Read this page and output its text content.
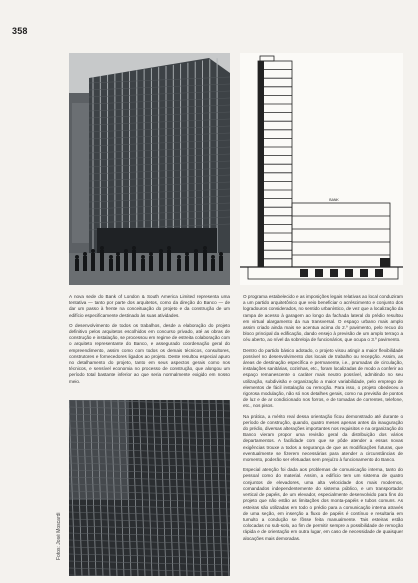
358
BANK

A nova sede do Bank of London & South America Limited representa uma tentativa — tanto por parte dos arquitetos, como da direção do Banco — de dar um passo à frente na conceituação do projeto e da construção de um edifício especificamente destinado às suas atividades.

O desenvolvimento de todos os trabalhos, desde a elaboração do projeto definitivo pelos arquitetos escolhidos em concurso privado, até as obras de construção e instalação, se processou em regime de estreita colaboração com o arquiteto representante do Banco, e assegurado coordenação geral do empreendimento, assim como com todos os demais técnicos, consultores, construtores e fornecedores ligados ao projeto. Deste resultou especial apuro no detalhamento do projeto, tanto em seus aspectos gerais como nos técnicos, e sensível economia no processo de construção, que alongou um período total bastante inferior ao que seria normalmente exigido em nosso meio.

O programa estabelecido e as imposições legais relativas ao local conduziram a um partido arquitetônico que veio beneficiar o acréscimento e conjunto dos logradouros considerados, no sentido urbanístico, de vez que a localização da rampa de acesso à garagem ao longo da fachada lateral do prédio resultou em virtual alargamento da rua transversal. O espaço urbano mais amplo assim criado ainda mais se acentua acima do 2.º pavimento, pelo recuo do bloco principal da edificação, dando ensejo à previsão de um amplo terraço a céu aberto, ao nível da sobreloja de funcionários, que ocupa o 3.º pavimento.

Dentro do partido básico adotado, o projeto visou atingir a maior flexibilidade possível no desenvolvimento dos locais de trabalho ou recepção. Assim, as áreas de destinação específica e permanente, i.e., prumadas de circulação, instalações sanitárias, cozinhas, etc., foram localizadas de modo a conferir ao espaço remanescente o caráter mais neutro possível, admitindo no seu utilização, subdivisão e organização a maior variabilidade, pelo emprego de elementos de fácil instalação ou remoção. Para isso, o projeto obedeceu a rigorosa modulação, não só nos detalhes gerais, como na previsão de pontos de luz e de ar condicionado nos forros, e de tomadas de correntes, telefone, etc., nos pisos.

Na prática, a mérito real dessa orientação ficou demonstrado até durante o período de construção, quando, quatro meses apenas antes da inauguração do prédio, diversas alterações importantes nos requisitos e na organização do Banco vieram propor uma revisão geral da distribuição dos vários departamentos. A facilidade com que se pôde atender a essas novas exigências trouxe a todos a segurança de que as modificações futuras, que eventualmente se fizerem necessárias para atender a circunstâncias de momento, poderão ser efetuadas sem prejuízo à funcionamento do Banco.

Especial atenção foi dada aos problemas de comunicação interna, tanto do pessoal como do material. Assim, a edifício tem um sistema de quatro conjuntos de elevadores, uma alta velocidade dos mais modernos, comandados independentemente do sistema público, e um transportador vertical de papéis, de um elevador, especialmente desenvolvido para fins do projeto que não estão as limitações dos monta-papéis e tubos comuns. As esteiras são utilizadas em todo o prédio para a comunicação interna através de uma seção, em inserção a fluxo de papéis é contínuo e resultaria em tumulto a condução se fôsse feita manualmente. Tais esteiras estão colocadas no sub-solo, ao fim de permitir sempre a possibilidade de remoção rápida e de orientação em outra lugar, em caso de necessidade de quaisquer alocações mais demoradas.

Fotos: José Moscardi
